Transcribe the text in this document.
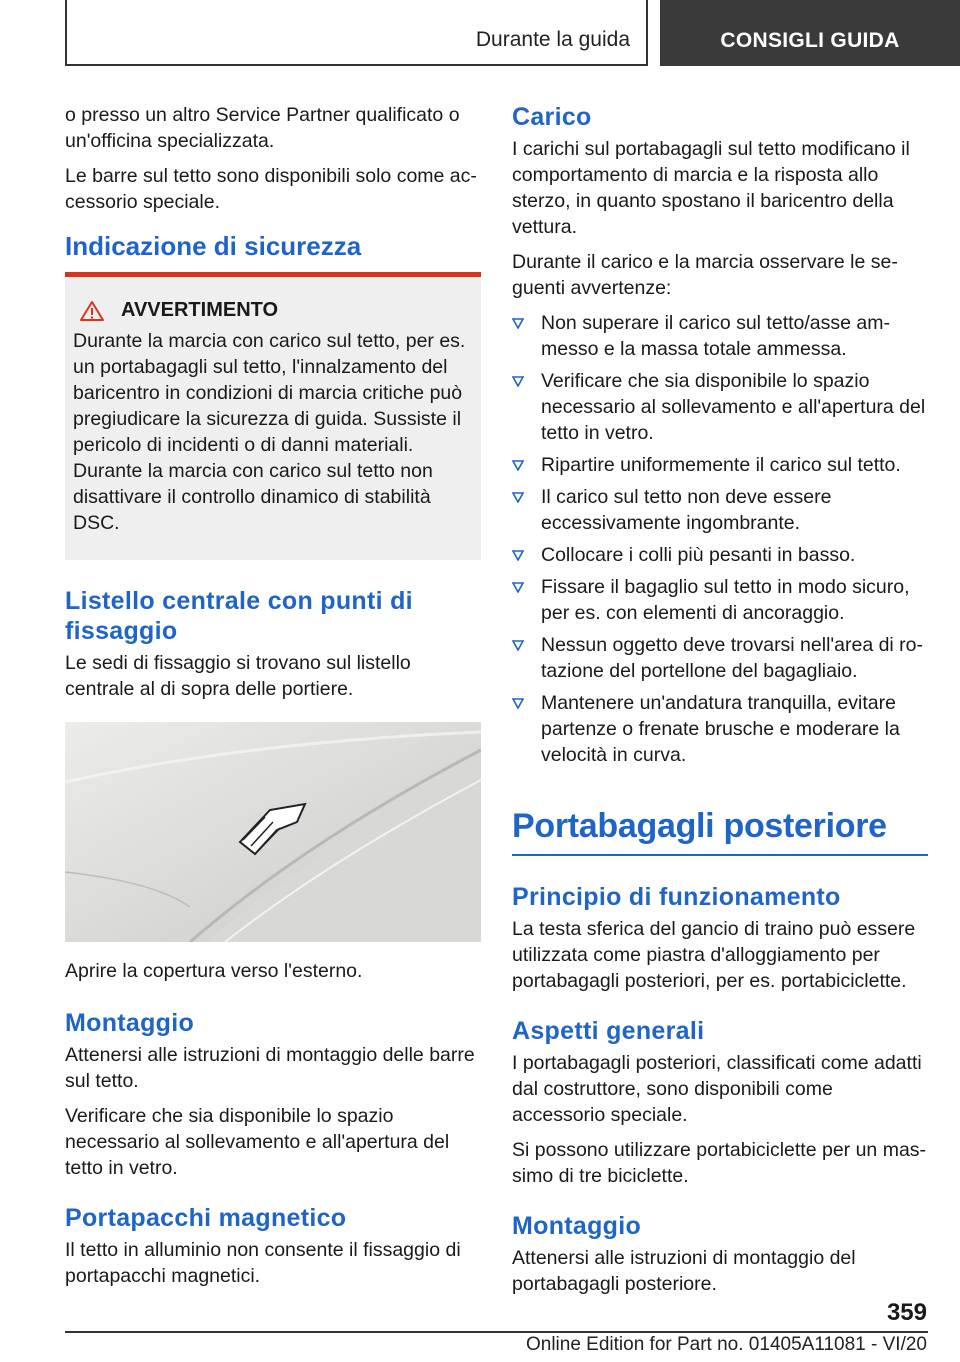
Durante la guida	CONSIGLI GUIDA

o presso un altro Service Partner qualificato o un'officina specializzata.

Le barre sul tetto sono disponibili solo come accessorio speciale.

Indicazione di sicurezza
AVVERTIMENTO

Durante la marcia con carico sul tetto, per es. un portabagagli sul tetto, l'innalzamento del baricentro in condizioni di marcia critiche può pregiudicare la sicurezza di guida. Sussiste il pericolo di incidenti o di danni materiali. Durante la marcia con carico sul tetto non disattivare il controllo dinamico di stabilità DSC.

Listello centrale con punti di fissaggio

Le sedi di fissaggio si trovano sul listello centrale al di sopra delle portiere.

Aprire la copertura verso l'esterno.

Montaggio

Attenersi alle istruzioni di montaggio delle barre sul tetto.

Verificare che sia disponibile lo spazio necessario al sollevamento e all'apertura del tetto in vetro.

Portapacchi magnetico

Il tetto in alluminio non consente il fissaggio di portapacchi magnetici.

Carico

I carichi sul portabagagli sul tetto modificano il comportamento di marcia e la risposta allo sterzo, in quanto spostano il baricentro della vettura.

Durante il carico e la marcia osservare le seguenti avvertenze:

Non superare il carico sul tetto/asse ammesso e la massa totale ammessa.
Verificare che sia disponibile lo spazio necessario al sollevamento e all'apertura del tetto in vetro.
Ripartire uniformemente il carico sul tetto.
Il carico sul tetto non deve essere eccessivamente ingombrante.
Collocare i colli più pesanti in basso.
Fissare il bagaglio sul tetto in modo sicuro, per es. con elementi di ancoraggio.
Nessun oggetto deve trovarsi nell'area di rotazione del portellone del bagagliaio.
Mantenere un'andatura tranquilla, evitare partenze o frenate brusche e moderare la velocità in curva.
Portabagagli posteriore
Principio di funzionamento

La testa sferica del gancio di traino può essere utilizzata come piastra d'alloggiamento per portabagagli posteriori, per es. portabiciclette.

Aspetti generali

I portabagagli posteriori, classificati come adatti dal costruttore, sono disponibili come accessorio speciale.

Si possono utilizzare portabiciclette per un massimo di tre biciclette.

Montaggio

Attenersi alle istruzioni di montaggio del portabagagli posteriore.

359
Online Edition for Part no. 01405A11081 - VI/20
